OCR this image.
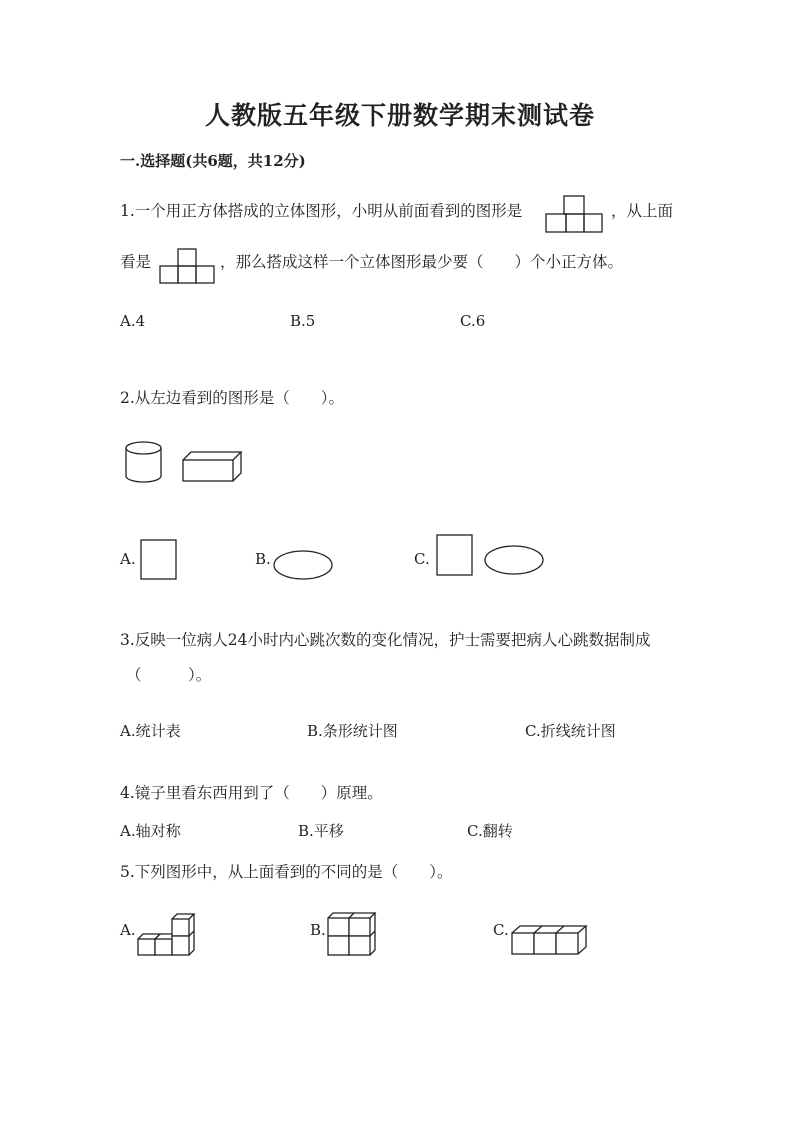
人教版五年级下册数学期末测试卷
一.选择题(共6题，共12分)
1.一个用正方体搭成的立体图形，小明从前面看到的图形是	，从上面
看是	，那么搭成这样一个立体图形最少要（　　）个小正方体。
A.4	B.5	C.6
2.从左边看到的图形是（　　）。
A.	B.	C.
3.反映一位病人24小时内心跳次数的变化情况，护士需要把病人心跳数据制成
（　　　）。
A.统计表	B.条形统计图	C.折线统计图
4.镜子里看东西用到了（　　）原理。
A.轴对称	B.平移	C.翻转
5.下列图形中，从上面看到的不同的是（　　）。
A.	B.	C.
